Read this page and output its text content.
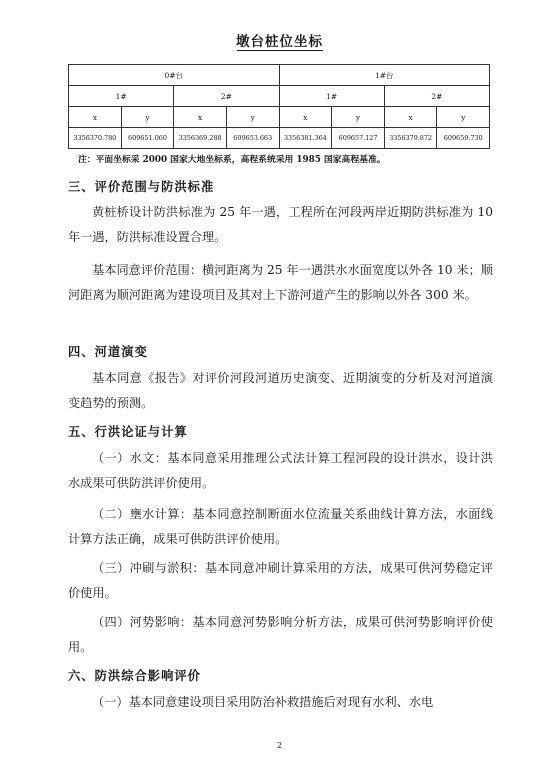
墩台桩位坐标
0#台				1#台			
1#		2#		1#		2#	
x	y	x	y	x	y	x	y
3356370.780	609651.060	3356369.288	609653.663	3356381.364	609657.127	3356379.872	609659.730
注：平面坐标采 2000 国家大地坐标系，高程系统采用 1985 国家高程基准。
三、评价范围与防洪标准
黄桩桥设计防洪标准为 25 年一遇，工程所在河段两岸近期防洪标准为 10 年一遇，防洪标准设置合理。
基本同意评价范围：横河距离为 25 年一遇洪水水面宽度以外各 10 米；顺河距离为顺河距离为建设项目及其对上下游河道产生的影响以外各 300 米。
四、河道演变
基本同意《报告》对评价河段河道历史演变、近期演变的分析及对河道演变趋势的预测。
五、行洪论证与计算
（一）水文：基本同意采用推理公式法计算工程河段的设计洪水，设计洪水成果可供防洪评价使用。
（二）壅水计算：基本同意控制断面水位流量关系曲线计算方法，水面线计算方法正确，成果可供防洪评价使用。
（三）冲刷与淤积：基本同意冲刷计算采用的方法，成果可供河势稳定评价使用。
（四）河势影响：基本同意河势影响分析方法，成果可供河势影响评价使用。
六、防洪综合影响评价
（一）基本同意建设项目采用防治补救措施后对现有水利、水电
2
